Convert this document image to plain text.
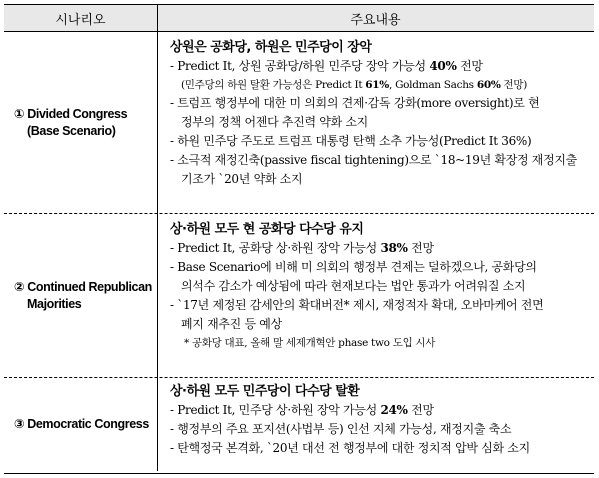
시나리오	주요내용
① Divided Congress
(Base Scenario)
상원은 공화당, 하원은 민주당이 장악
- Predict It, 상원 공화당/하원 민주당 장악 가능성 40% 전망
(민주당의 하원 탈환 가능성은 Predict It 61%, Goldman Sachs 60% 전망)
- 트럼프 행정부에 대한 미 의회의 견제·감독 강화(more oversight)로 현
정부의 정책 어젠다 추진력 약화 소지
- 하원 민주당 주도로 트럼프 대통령 탄핵 소추 가능성(Predict It 36%)
- 소극적 재정긴축(passive fiscal tightening)으로 `18~19년 확장정 재정지출
기조가 `20년 약화 소지
② Continued Republican
Majorities
상·하원 모두 현 공화당 다수당 유지
- Predict It, 공화당 상·하원 장악 가능성 38% 전망
- Base Scenario에 비해 미 의회의 행정부 견제는 덜하겠으나, 공화당의
의석수 감소가 예상됨에 따라 현재보다는 법안 통과가 어려워질 소지
- `17년 제정된 감세안의 확대버전* 제시, 재정적자 확대, 오바마케어 전면
폐지 재추진 등 예상
* 공화당 대표, 올해 말 세제개혁안 phase two 도입 시사
③ Democratic Congress
상·하원 모두 민주당이 다수당 탈환
- Predict It, 민주당 상·하원 장악 가능성 24% 전망
- 행정부의 주요 포지션(사법부 등) 인선 지체 가능성, 재정지출 축소
- 탄핵정국 본격화, `20년 대선 전 행정부에 대한 정치적 압박 심화 소지
